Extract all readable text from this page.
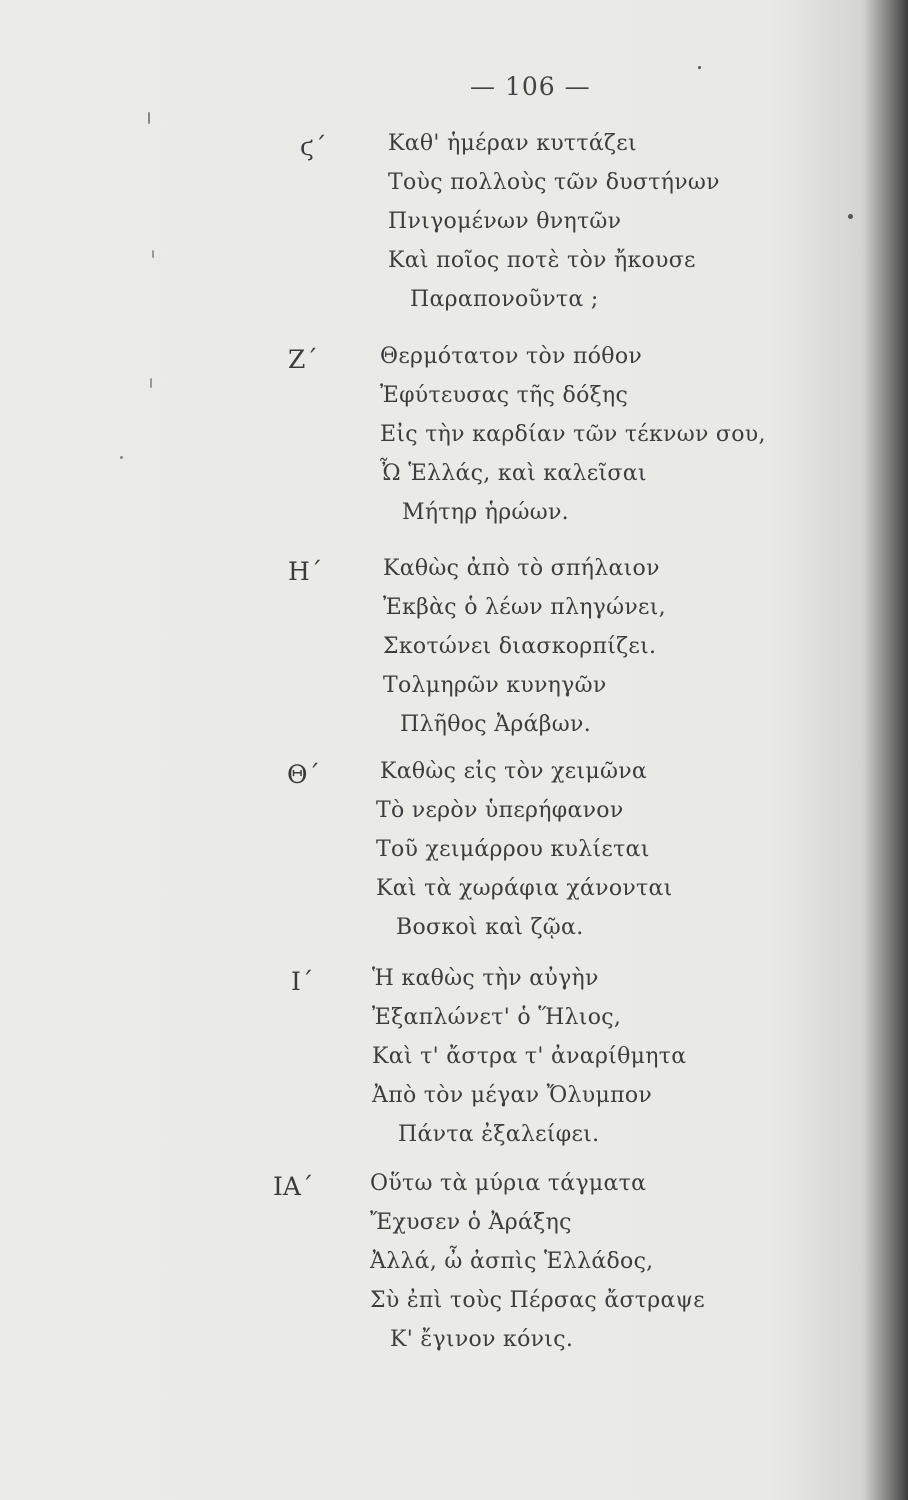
— 106 —
ϛ΄	Καθ' ἡμέραν κυττάζει
Τοὺς πολλοὺς τῶν δυστήνων
Πνιγομένων θνητῶν
Καὶ ποῖος ποτὲ τὸν ἤκουσε
Παραπονοῦντα ;
Ζ΄	Θερμότατον τὸν πόθον
Ἐφύτευσας τῆς δόξης
Εἰς τὴν καρδίαν τῶν τέκνων σου,
Ὦ Ἑλλάς, καὶ καλεῖσαι
Μήτηρ ἡρώων.
Η΄	Καθὼς ἀπὸ τὸ σπήλαιον
Ἐκβὰς ὁ λέων πληγώνει,
Σκοτώνει διασκορπίζει.
Τολμηρῶν κυνηγῶν
Πλῆθος Ἀράβων.
Θ΄	Καθὼς εἰς τὸν χειμῶνα
Τὸ νερὸν ὑπερήφανον
Τοῦ χειμάρρου κυλίεται
Καὶ τὰ χωράφια χάνονται
Βοσκοὶ καὶ ζῷα.
Ι΄	Ἡ καθὼς τὴν αὐγὴν
Ἐξαπλώνετ' ὁ Ἥλιος,
Καὶ τ' ἄστρα τ' ἀναρίθμητα
Ἀπὸ τὸν μέγαν Ὄλυμπον
Πάντα ἐξαλείφει.
ΙΑ΄	Οὕτω τὰ μύρια τάγματα
Ἔχυσεν ὁ Ἀράξης
Ἀλλά, ὦ ἀσπὶς Ἑλλάδος,
Σὺ ἐπὶ τοὺς Πέρσας ἄστραψε
Κ' ἔγινον κόνις.
